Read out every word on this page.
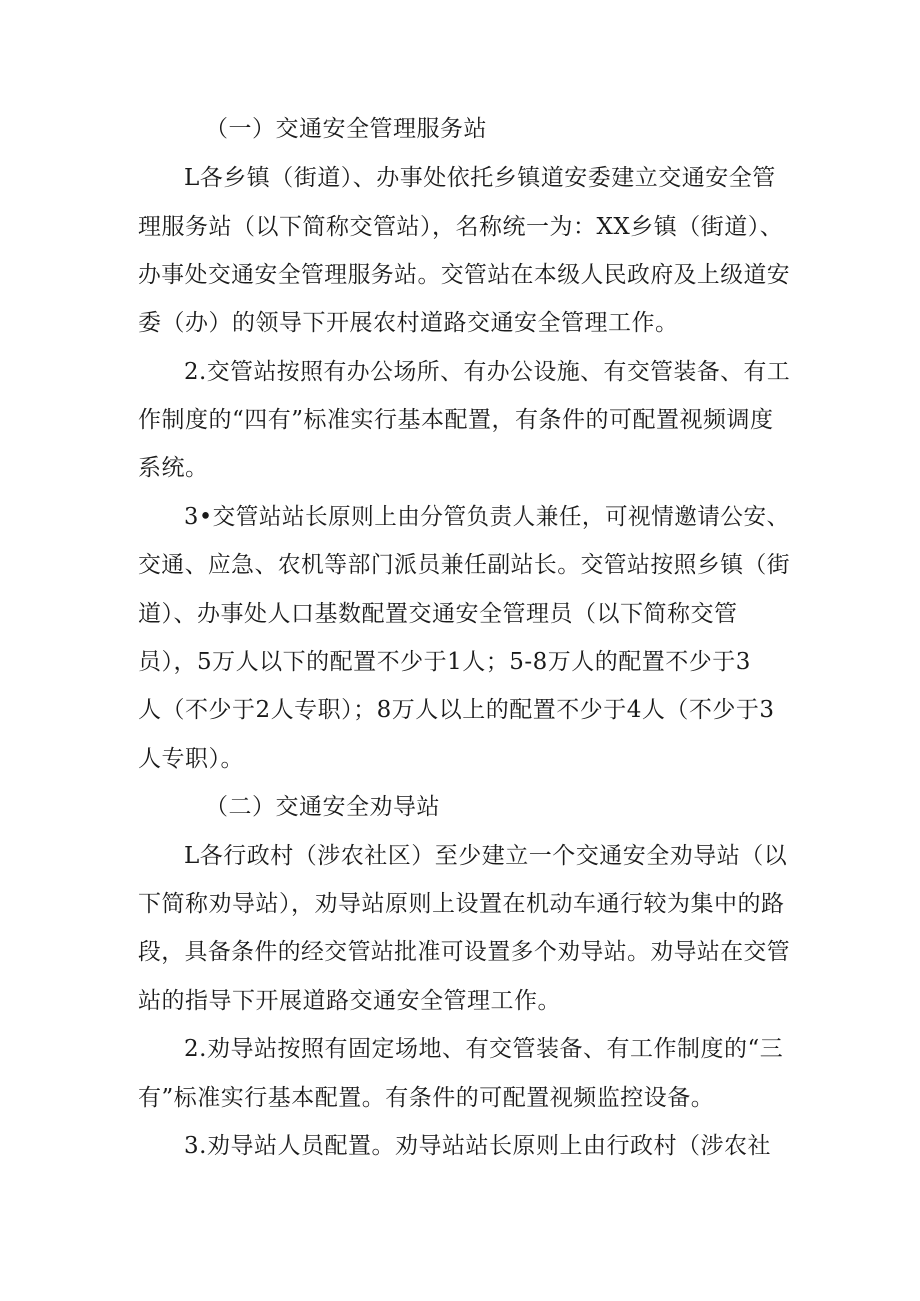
（一）交通安全管理服务站
L各乡镇（街道）、办事处依托乡镇道安委建立交通安全管
理服务站（以下简称交管站），名称统一为：XX乡镇（街道）、
办事处交通安全管理服务站。交管站在本级人民政府及上级道安
委（办）的领导下开展农村道路交通安全管理工作。
2.交管站按照有办公场所、有办公设施、有交管装备、有工
作制度的“四有”标准实行基本配置，有条件的可配置视频调度
系统。
3•交管站站长原则上由分管负责人兼任，可视情邀请公安、
交通、应急、农机等部门派员兼任副站长。交管站按照乡镇（街
道）、办事处人口基数配置交通安全管理员（以下简称交管
员），5万人以下的配置不少于1人；5-8万人的配置不少于3
人（不少于2人专职）；8万人以上的配置不少于4人（不少于3
人专职）。
（二）交通安全劝导站
L各行政村（涉农社区）至少建立一个交通安全劝导站（以
下简称劝导站），劝导站原则上设置在机动车通行较为集中的路
段，具备条件的经交管站批准可设置多个劝导站。劝导站在交管
站的指导下开展道路交通安全管理工作。
2.劝导站按照有固定场地、有交管装备、有工作制度的“三
有”标准实行基本配置。有条件的可配置视频监控设备。
3.劝导站人员配置。劝导站站长原则上由行政村（涉农社
